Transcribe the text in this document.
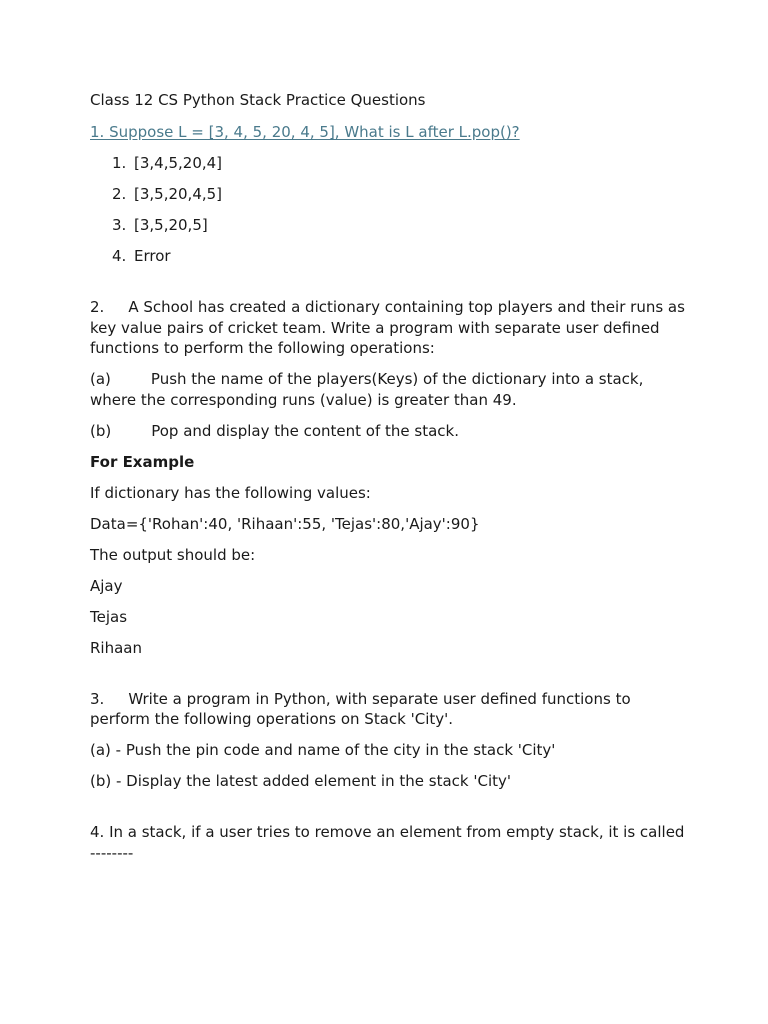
Class 12 CS Python Stack Practice Questions

1. Suppose L = [3, 4, 5, 20, 4, 5], What is L after L.pop()?

1. [3,4,5,20,4]
2. [3,5,20,4,5]
3. [3,5,20,5]
4. Error

2. A School has created a dictionary containing top players and their runs as key value pairs of cricket team. Write a program with separate user defined functions to perform the following operations:

(a)	Push the name of the players(Keys) of the dictionary into a stack, where the corresponding runs (value) is greater than 49.

(b)	Pop and display the content of the stack.

For Example

If dictionary has the following values:

Data={'Rohan':40, 'Rihaan':55, 'Tejas':80,'Ajay':90}

The output should be:

Ajay

Tejas

Rihaan

3. Write a program in Python, with separate user defined functions to perform the following operations on Stack 'City'.

(a) - Push the pin code and name of the city in the stack 'City'

(b) - Display the latest added element in the stack 'City'

4. In a stack, if a user tries to remove an element from empty stack, it is called --------
